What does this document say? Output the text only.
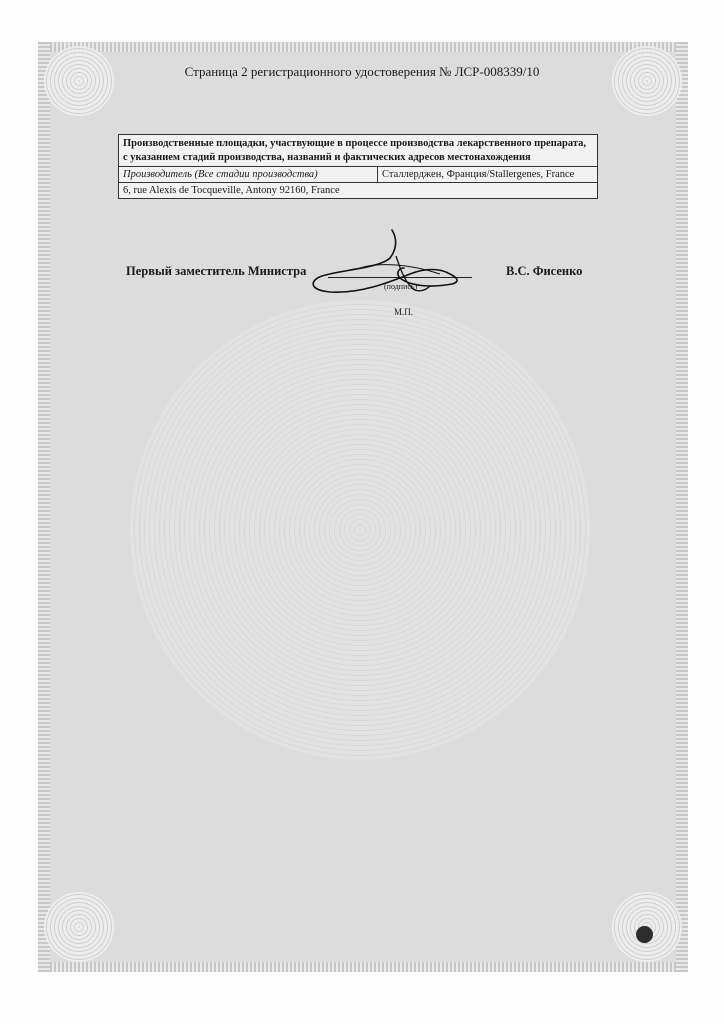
Страница 2 регистрационного удостоверения № ЛСР-008339/10
Производственные площадки, участвующие в процессе производства лекарственного препарата, с указанием стадий производства, названий и фактических адресов местонахождения
Производитель (Все стадии производства)	Сталлерджен, Франция/Stallergenes, France
6, rue Alexis de Tocqueville, Antony 92160, France
Первый заместитель Министра
(подпись)
В.С. Фисенко
М.П.
